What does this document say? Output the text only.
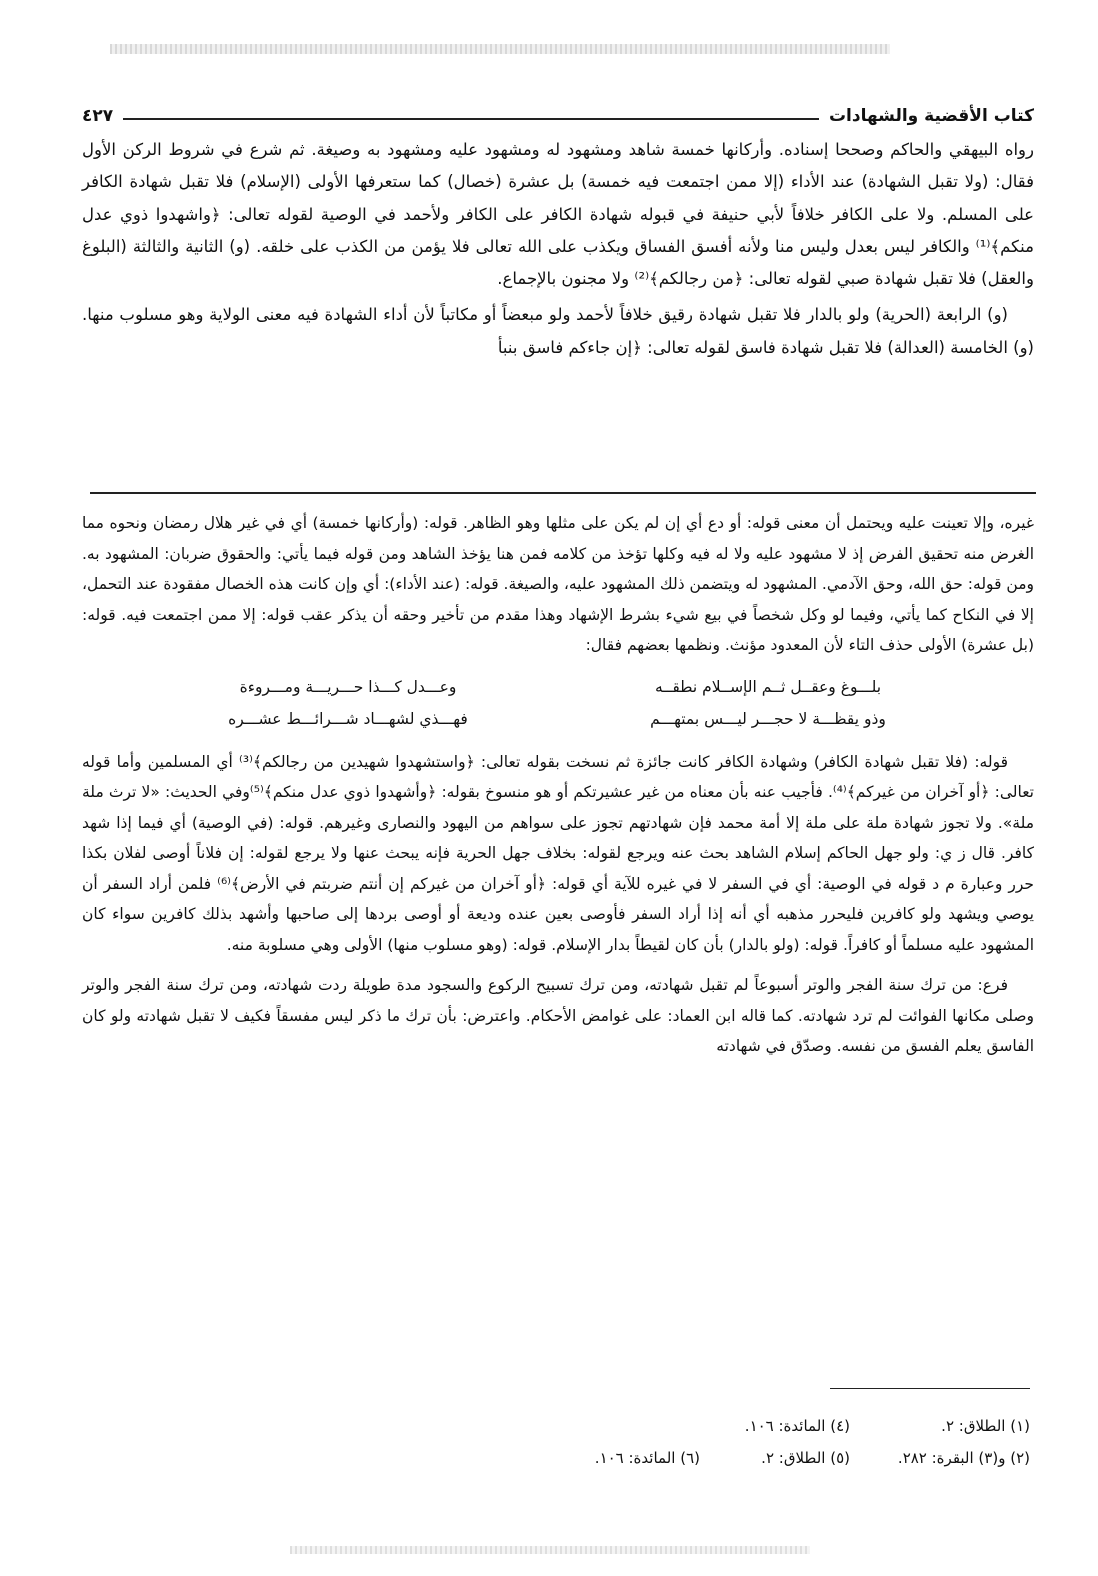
كتاب الأقضية والشهادات
٤٢٧

رواه البيهقي والحاكم وصححا إسناده. وأركانها خمسة شاهد ومشهود له ومشهود عليه ومشهود به وصيغة. ثم شرع في شروط الركن الأول فقال: (ولا تقبل الشهادة) عند الأداء (إلا ممن اجتمعت فيه خمسة) بل عشرة (خصال) كما ستعرفها الأولى (الإسلام) فلا تقبل شهادة الكافر على المسلم. ولا على الكافر خلافاً لأبي حنيفة في قبوله شهادة الكافر على الكافر ولأحمد في الوصية لقوله تعالى: ﴿واشهدوا ذوي عدل منكم﴾⁽¹⁾ والكافر ليس بعدل وليس منا ولأنه أفسق الفساق ويكذب على الله تعالى فلا يؤمن من الكذب على خلقه. (و) الثانية والثالثة (البلوغ والعقل) فلا تقبل شهادة صبي لقوله تعالى: ﴿من رجالكم﴾⁽²⁾ ولا مجنون بالإجماع.

(و) الرابعة (الحرية) ولو بالدار فلا تقبل شهادة رقيق خلافاً لأحمد ولو مبعضاً أو مكاتباً لأن أداء الشهادة فيه معنى الولاية وهو مسلوب منها. (و) الخامسة (العدالة) فلا تقبل شهادة فاسق لقوله تعالى: ﴿إن جاءكم فاسق بنبأ

غيره، وإلا تعينت عليه ويحتمل أن معنى قوله: أو دع أي إن لم يكن على مثلها وهو الظاهر. قوله: (وأركانها خمسة) أي في غير هلال رمضان ونحوه مما الغرض منه تحقيق الفرض إذ لا مشهود عليه ولا له فيه وكلها تؤخذ من كلامه فمن هنا يؤخذ الشاهد ومن قوله فيما يأتي: والحقوق ضربان: المشهود به. ومن قوله: حق الله، وحق الآدمي. المشهود له ويتضمن ذلك المشهود عليه، والصيغة. قوله: (عند الأداء): أي وإن كانت هذه الخصال مفقودة عند التحمل، إلا في النكاح كما يأتي، وفيما لو وكل شخصاً في بيع شيء بشرط الإشهاد وهذا مقدم من تأخير وحقه أن يذكر عقب قوله: إلا ممن اجتمعت فيه. قوله: (بل عشرة) الأولى حذف التاء لأن المعدود مؤنث. ونظمها بعضهم فقال:

بلـــوغ وعقــل ثــم الإســلام نطقــه
وعـــدل كـــذا حـــريـــة ومـــروءة
وذو يقظـــة لا حجـــر ليـــس بمتهـــم
فهـــذي لشهـــاد شـــرائـــط عشـــره

قوله: (فلا تقبل شهادة الكافر) وشهادة الكافر كانت جائزة ثم نسخت بقوله تعالى: ﴿واستشهدوا شهيدين من رجالكم﴾⁽³⁾ أي المسلمين وأما قوله تعالى: ﴿أو آخران من غيركم﴾⁽⁴⁾. فأجيب عنه بأن معناه من غير عشيرتكم أو هو منسوخ بقوله: ﴿وأشهدوا ذوي عدل منكم﴾⁽⁵⁾وفي الحديث: «لا ترث ملة ملة». ولا تجوز شهادة ملة على ملة إلا أمة محمد فإن شهادتهم تجوز على سواهم من اليهود والنصارى وغيرهم. قوله: (في الوصية) أي فيما إذا شهد كافر. قال ز ي: ولو جهل الحاكم إسلام الشاهد بحث عنه ويرجع لقوله: بخلاف جهل الحرية فإنه يبحث عنها ولا يرجع لقوله: إن فلاناً أوصى لفلان بكذا حرر وعبارة م د قوله في الوصية: أي في السفر لا في غيره للآية أي قوله: ﴿أو آخران من غيركم إن أنتم ضربتم في الأرض﴾⁽⁶⁾ فلمن أراد السفر أن يوصي ويشهد ولو كافرين فليحرر مذهبه أي أنه إذا أراد السفر فأوصى بعين عنده وديعة أو أوصى بردها إلى صاحبها وأشهد بذلك كافرين سواء كان المشهود عليه مسلماً أو كافراً. قوله: (ولو بالدار) بأن كان لقيطاً بدار الإسلام. قوله: (وهو مسلوب منها) الأولى وهي مسلوبة منه.

فرع: من ترك سنة الفجر والوتر أسبوعاً لم تقبل شهادته، ومن ترك تسبيح الركوع والسجود مدة طويلة ردت شهادته، ومن ترك سنة الفجر والوتر وصلى مكانها الفوائت لم ترد شهادته. كما قاله ابن العماد: على غوامض الأحكام. واعترض: بأن ترك ما ذكر ليس مفسقاً فكيف لا تقبل شهادته ولو كان الفاسق يعلم الفسق من نفسه. وصدّق في شهادته

(١) الطلاق: ٢.
(٤) المائدة: ١٠٦.
(٢) و(٣) البقرة: ٢٨٢.
(٥) الطلاق: ٢.
(٦) المائدة: ١٠٦.
